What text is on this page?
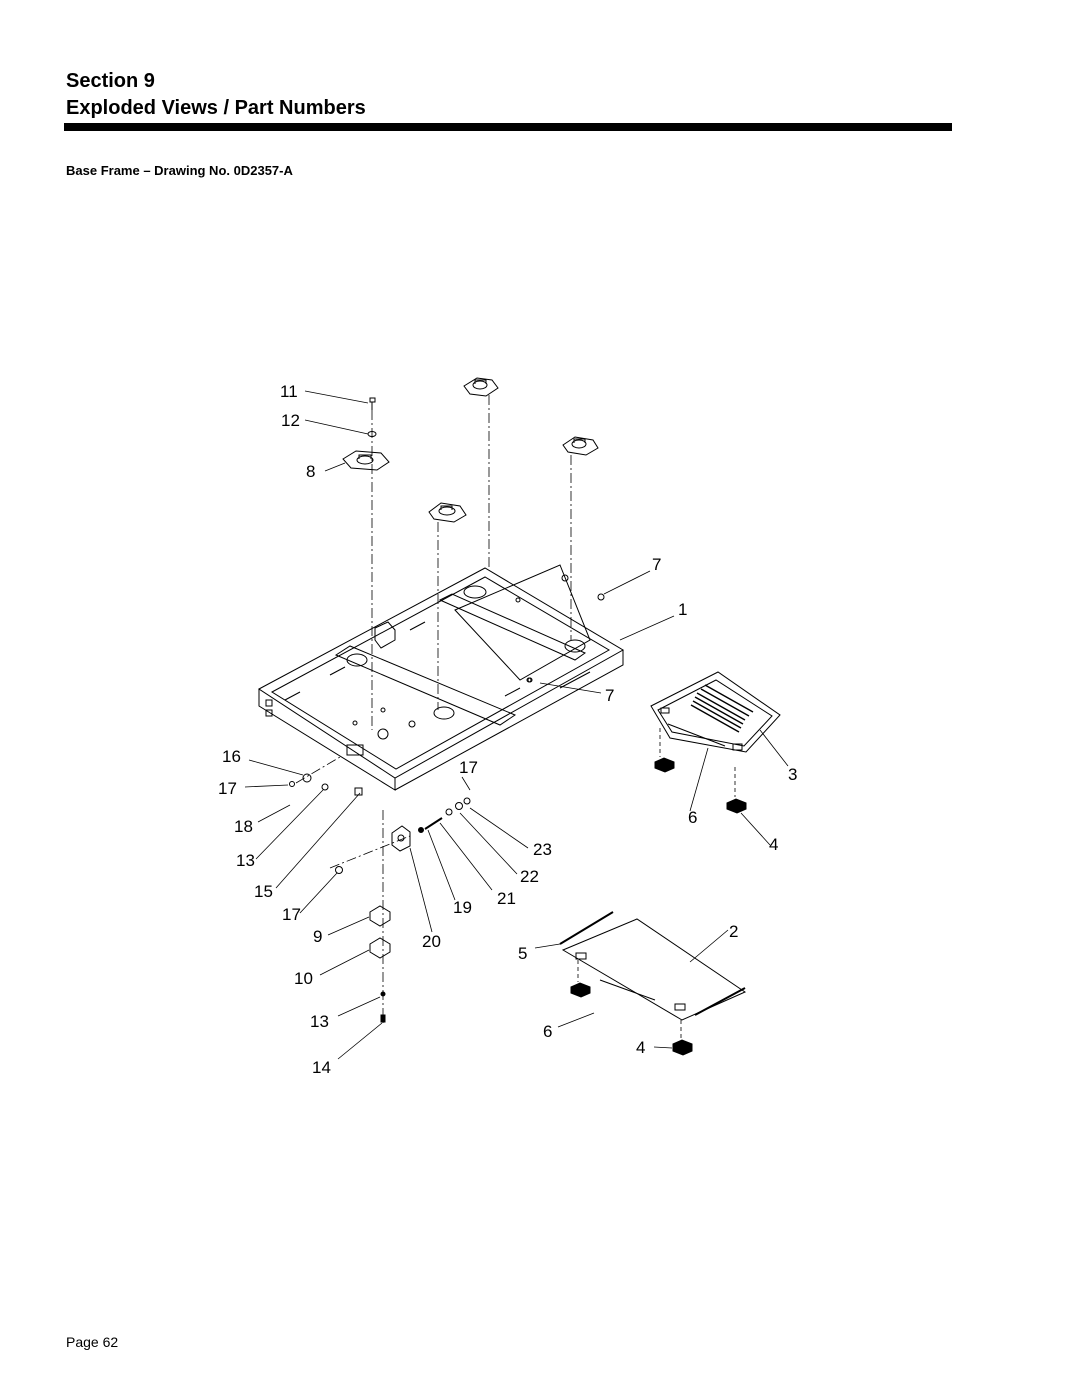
Section 9
Exploded Views / Part Numbers
Base Frame – Drawing No. 0D2357-A
11
12
8
7
1
7
3
16
17
17
18	6
4
13
23
22
15	21
17	19
9	20
2
5
10
13
6
4
14
Page 62
